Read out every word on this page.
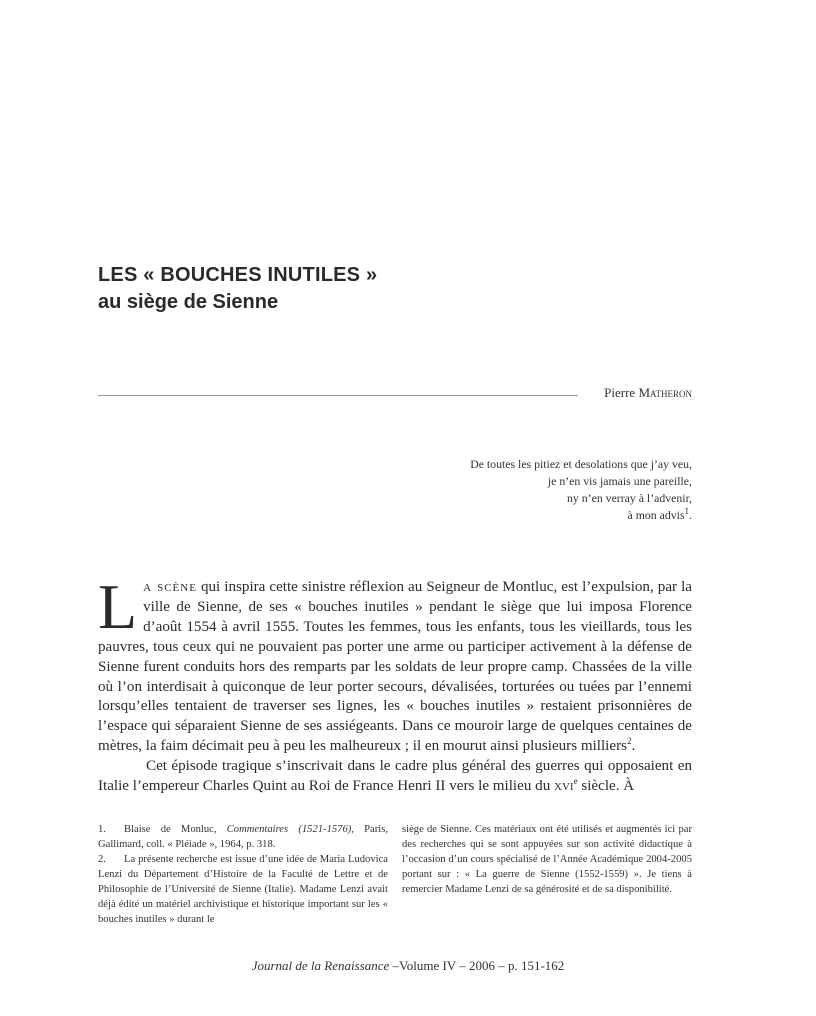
LES « BOUCHES INUTILES »
au siège de Sienne
Pierre Matheron
De toutes les pitiez et desolations que j’ay veu,
je n’en vis jamais une pareille,
ny n’en verray à l’advenir,
à mon advis$^1$.

La scène qui inspira cette sinistre réflexion au Seigneur de Montluc, est l’expulsion, par la ville de Sienne, de ses « bouches inutiles » pendant le siège que lui imposa Florence d’août 1554 à avril 1555. Toutes les femmes, tous les enfants, tous les vieillards, tous les pauvres, tous ceux qui ne pouvaient pas porter une arme ou participer activement à la défense de Sienne furent conduits hors des remparts par les soldats de leur propre camp. Chassées de la ville où l’on interdisait à quiconque de leur porter secours, dévalisées, torturées ou tuées par l’ennemi lorsqu’elles tentaient de traverser ses lignes, les « bouches inutiles » restaient prisonnières de l’espace qui séparaient Sienne de ses assiégeants. Dans ce mouroir large de quelques centaines de mètres, la faim décimait peu à peu les malheureux ; il en mourut ainsi plusieurs milliers$^2$.

Cet épisode tragique s’inscrivait dans le cadre plus général des guerres qui opposaient en Italie l’empereur Charles Quint au Roi de France Henri II vers le milieu du xvi$^e$ siècle. À

1. Blaise de Monluc, Commentaires (1521-1576), Paris, Gallimard, coll. « Pléiade », 1964, p. 318.
2. La présente recherche est issue d’une idée de Maria Ludovica Lenzi du Département d’Histoire de la Faculté de Lettre et de Philosophie de l’Université de Sienne (Italie). Madame Lenzi avait déjà édité un matériel archivistique et historique important sur les « bouches inutiles » durant le
siège de Sienne. Ces matériaux ont été utilisés et augmentés ici par des recherches qui se sont appuyées sur son activité didactique à l’occasion d’un cours spécialisé de l’Année Académique 2004-2005 portant sur : « La guerre de Sienne (1552-1559) ». Je tiens à remercier Madame Lenzi de sa générosité et de sa disponibilité.
Journal de la Renaissance –Volume IV – 2006 – p. 151-162
